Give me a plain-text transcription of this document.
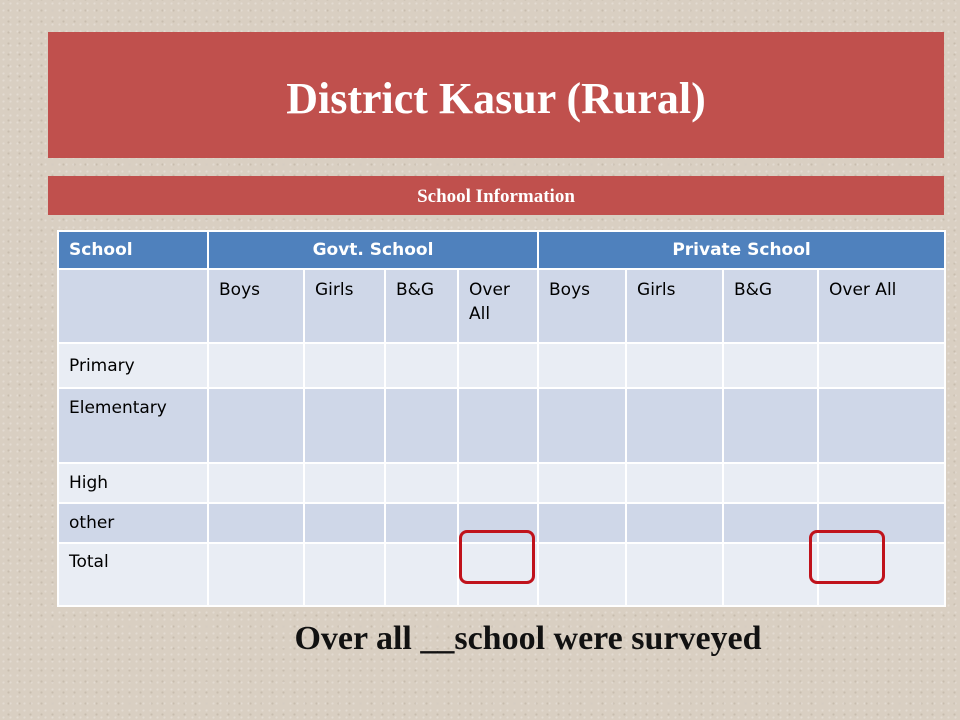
District Kasur (Rural)
School Information
School	Govt. School				Private School			
	Boys	Girls	B&G	Over All	Boys	Girls	B&G	Over All
Primary								
Elementary								
High								
other								
Total								
Over all __school were surveyed
